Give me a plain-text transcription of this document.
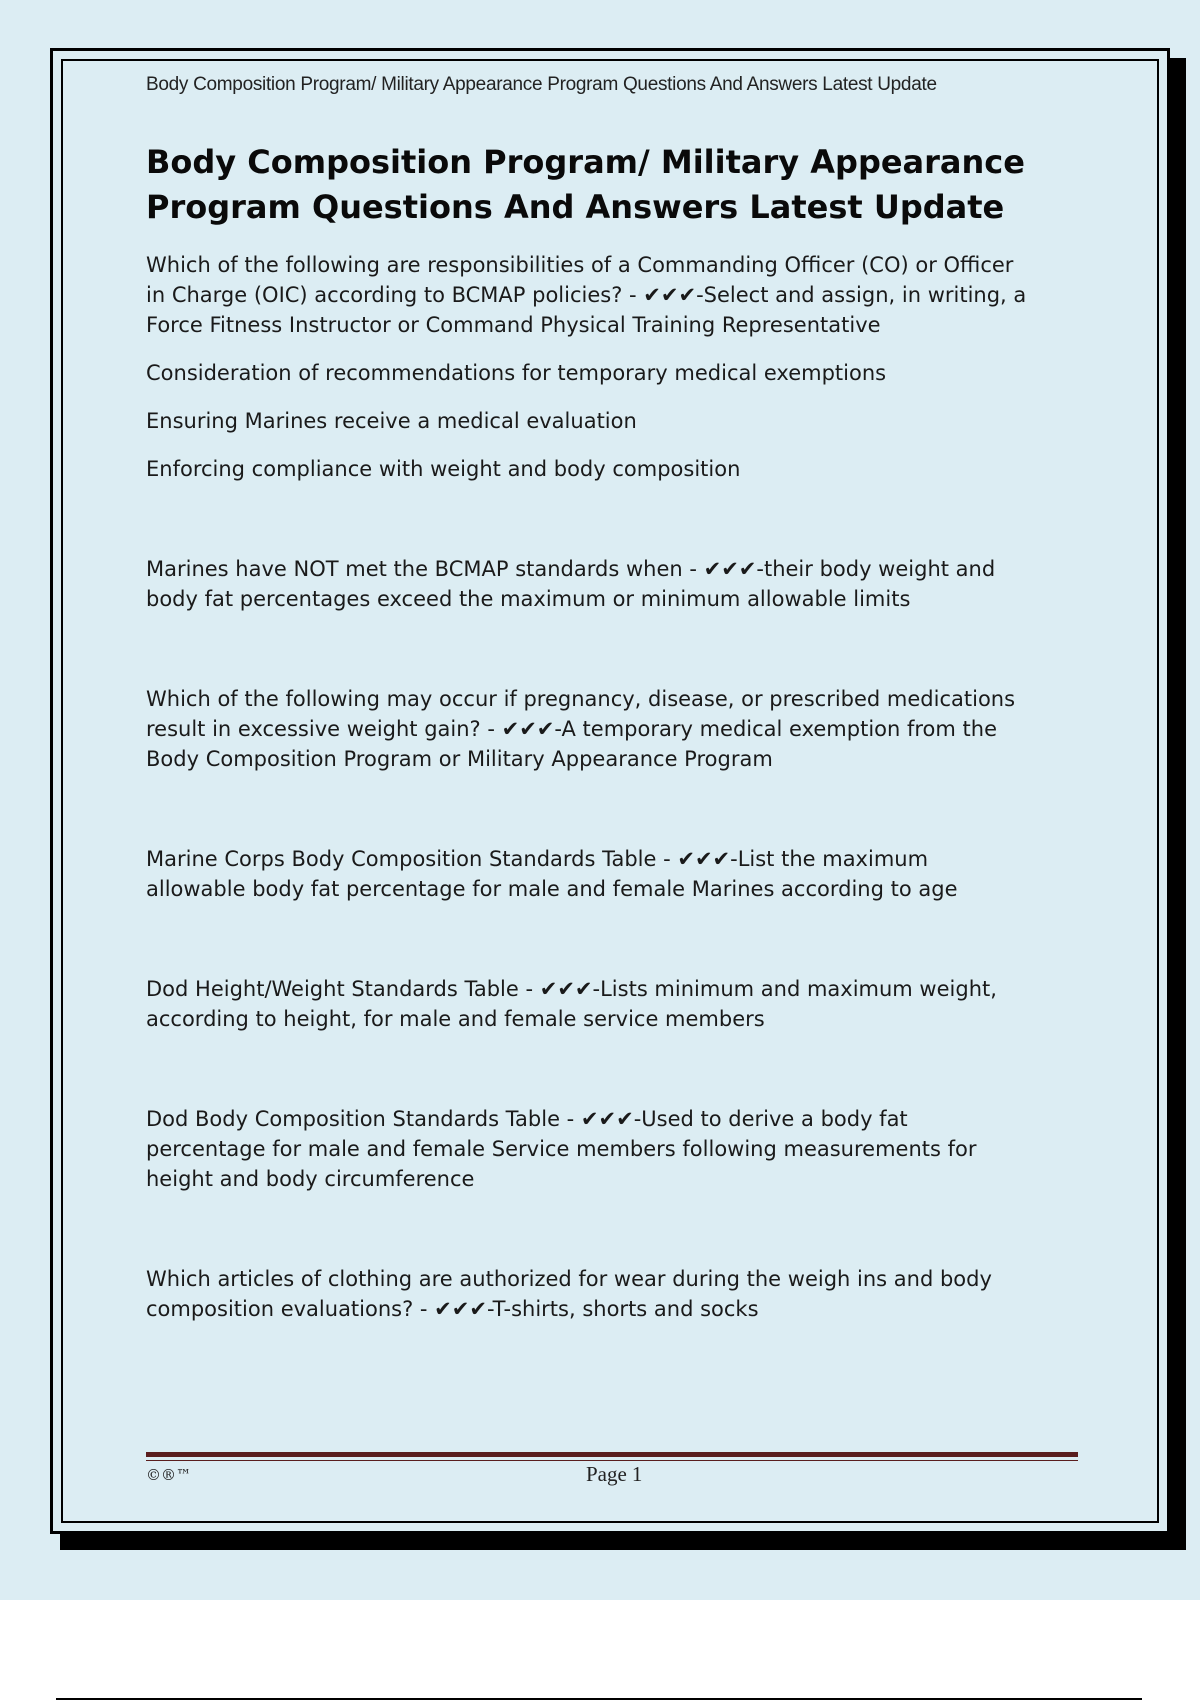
Body Composition Program/ Military Appearance Program Questions And Answers Latest Update
Body Composition Program/ Military Appearance
Program Questions And Answers Latest Update

Which of the following are responsibilities of a Commanding Officer (CO) or Officer
in Charge (OIC) according to BCMAP policies? - ✔✔✔-Select and assign, in writing, a
Force Fitness Instructor or Command Physical Training Representative

Consideration of recommendations for temporary medical exemptions

Ensuring Marines receive a medical evaluation

Enforcing compliance with weight and body composition

Marines have NOT met the BCMAP standards when - ✔✔✔-their body weight and
body fat percentages exceed the maximum or minimum allowable limits

Which of the following may occur if pregnancy, disease, or prescribed medications
result in excessive weight gain? - ✔✔✔-A temporary medical exemption from the
Body Composition Program or Military Appearance Program

Marine Corps Body Composition Standards Table - ✔✔✔-List the maximum
allowable body fat percentage for male and female Marines according to age

Dod Height/Weight Standards Table - ✔✔✔-Lists minimum and maximum weight,
according to height, for male and female service members

Dod Body Composition Standards Table - ✔✔✔-Used to derive a body fat
percentage for male and female Service members following measurements for
height and body circumference

Which articles of clothing are authorized for wear during the weigh ins and body
composition evaluations? - ✔✔✔-T-shirts, shorts and socks

©®™	Page 1
